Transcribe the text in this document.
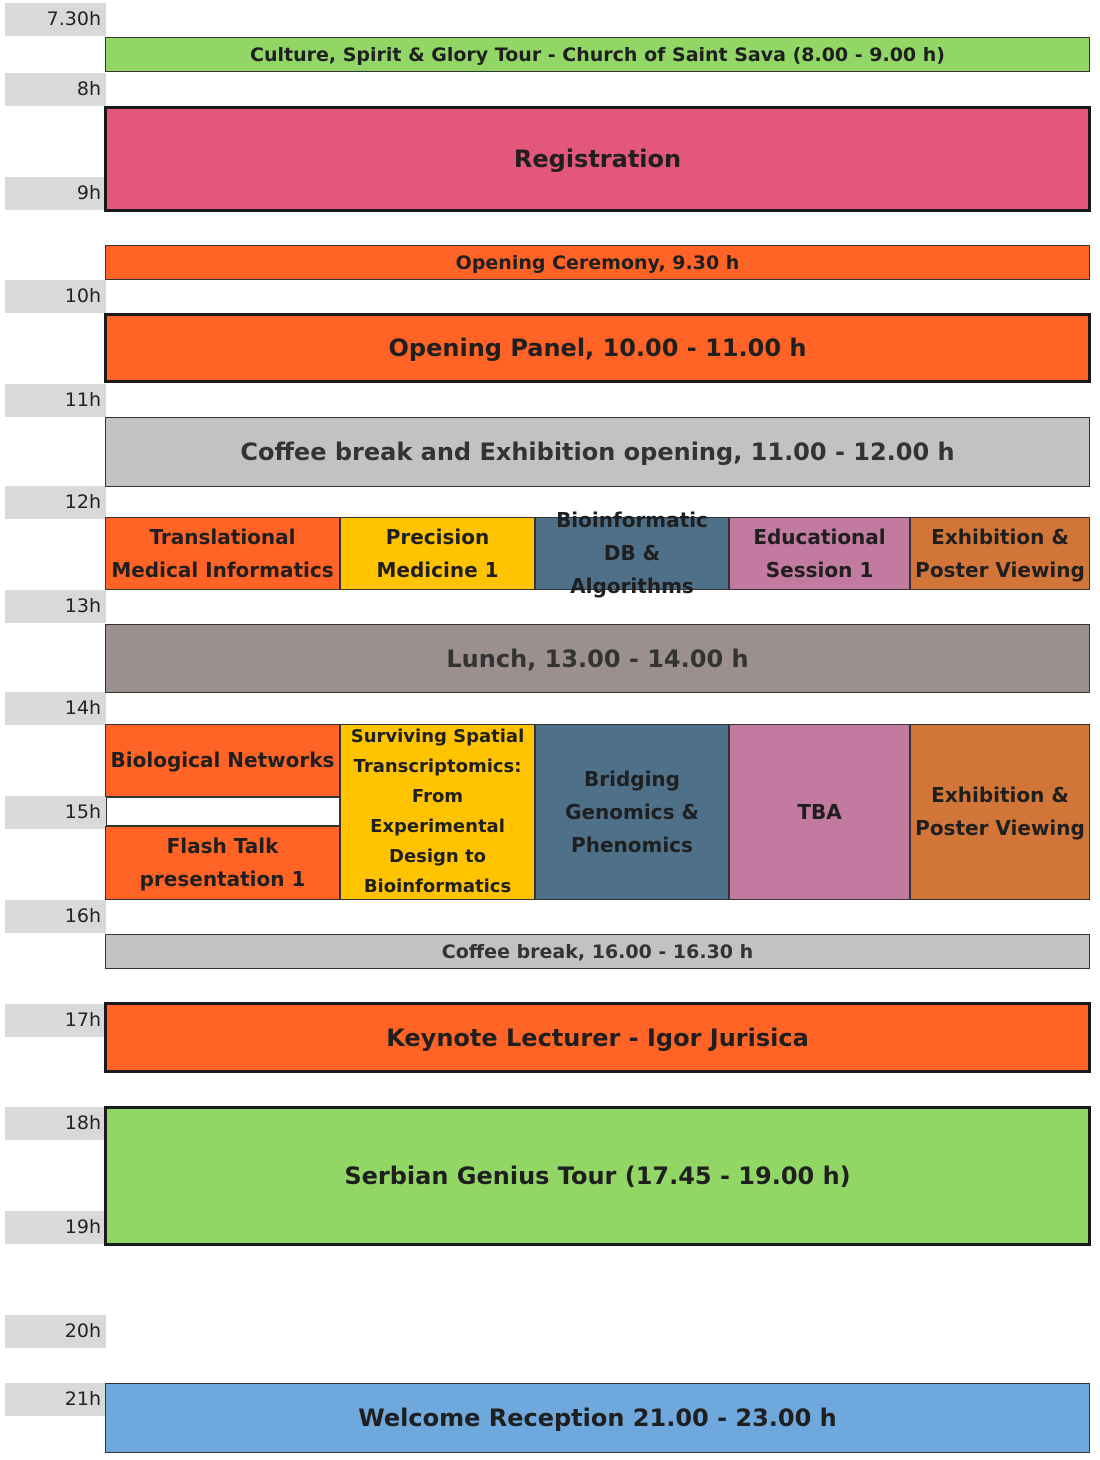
7.30h
8h
9h
10h
11h
12h
13h
14h
15h
16h
17h
18h
19h
20h
21h
Culture, Spirit & Glory Tour - Church of Saint Sava (8.00 - 9.00 h)
Registration
Opening Ceremony, 9.30 h
Opening Panel, 10.00 - 11.00 h
Coffee break and Exhibition opening, 11.00 - 12.00 h
Translational Medical Informatics
Precision Medicine 1
Bioinformatic DB & Algorithms
Educational Session 1
Exhibition & Poster Viewing
Lunch, 13.00 - 14.00 h
Biological Networks
Flash Talk presentation 1
Surviving Spatial Transcriptomics: From Experimental Design to Bioinformatics
Bridging Genomics & Phenomics
TBA
Exhibition & Poster Viewing
Coffee break, 16.00 - 16.30 h
Keynote Lecturer - Igor Jurisica
Serbian Genius Tour (17.45 - 19.00 h)
Welcome Reception 21.00 - 23.00 h
